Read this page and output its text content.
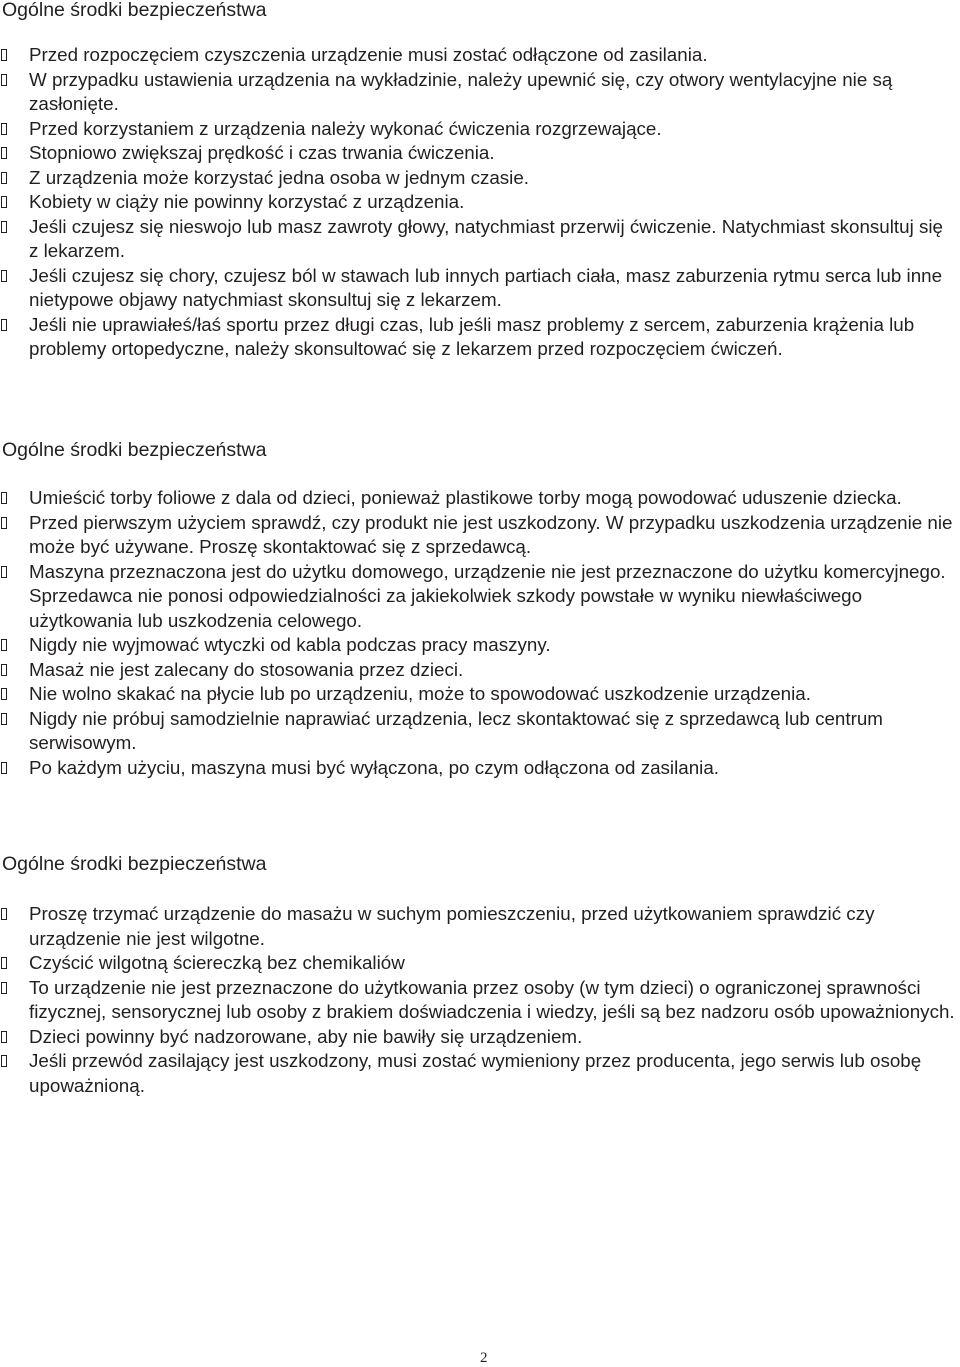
Ogólne środki bezpieczeństwa
Przed rozpoczęciem czyszczenia urządzenie musi zostać odłączone od zasilania.
W przypadku ustawienia urządzenia na wykładzinie, należy upewnić się, czy otwory wentylacyjne nie są zasłonięte.
Przed korzystaniem z urządzenia należy wykonać ćwiczenia rozgrzewające.
Stopniowo zwiększaj prędkość i czas trwania ćwiczenia.
Z urządzenia może korzystać jedna osoba w jednym czasie.
Kobiety w ciąży nie powinny korzystać z urządzenia.
Jeśli czujesz się nieswojo lub masz zawroty głowy, natychmiast przerwij ćwiczenie. Natychmiast skonsultuj się z lekarzem.
Jeśli czujesz się chory, czujesz ból w stawach lub innych partiach ciała, masz zaburzenia rytmu serca lub inne nietypowe objawy natychmiast skonsultuj się z lekarzem.
Jeśli nie uprawiałeś/łaś sportu przez długi czas, lub jeśli masz problemy z sercem, zaburzenia krążenia lub problemy ortopedyczne, należy skonsultować się z lekarzem przed rozpoczęciem ćwiczeń.
Ogólne środki bezpieczeństwa
Umieścić torby foliowe z dala od dzieci, ponieważ plastikowe torby mogą powodować uduszenie dziecka.
Przed pierwszym użyciem sprawdź, czy produkt nie jest uszkodzony. W przypadku uszkodzenia urządzenie nie może być używane. Proszę skontaktować się z sprzedawcą.
Maszyna przeznaczona jest do użytku domowego, urządzenie nie jest przeznaczone do użytku komercyjnego. Sprzedawca nie ponosi odpowiedzialności za jakiekolwiek szkody powstałe w wyniku niewłaściwego użytkowania lub uszkodzenia celowego.
Nigdy nie wyjmować wtyczki od kabla podczas pracy maszyny.
Masaż nie jest zalecany do stosowania przez dzieci.
Nie wolno skakać na płycie lub po urządzeniu, może to spowodować uszkodzenie urządzenia.
Nigdy nie próbuj samodzielnie naprawiać urządzenia, lecz skontaktować się z sprzedawcą lub centrum serwisowym.
Po każdym użyciu, maszyna musi być wyłączona, po czym odłączona od zasilania.
Ogólne środki bezpieczeństwa
Proszę trzymać urządzenie do masażu w suchym pomieszczeniu, przed użytkowaniem sprawdzić czy urządzenie nie jest wilgotne.
Czyścić wilgotną ściereczką bez chemikaliów
To urządzenie nie jest przeznaczone do użytkowania przez osoby (w tym dzieci) o ograniczonej sprawności fizycznej, sensorycznej lub osoby z brakiem doświadczenia i wiedzy, jeśli są bez nadzoru osób upoważnionych.
Dzieci powinny być nadzorowane, aby nie bawiły się urządzeniem.
Jeśli przewód zasilający jest uszkodzony, musi zostać wymieniony przez producenta, jego serwis lub osobę upoważnioną.
2
